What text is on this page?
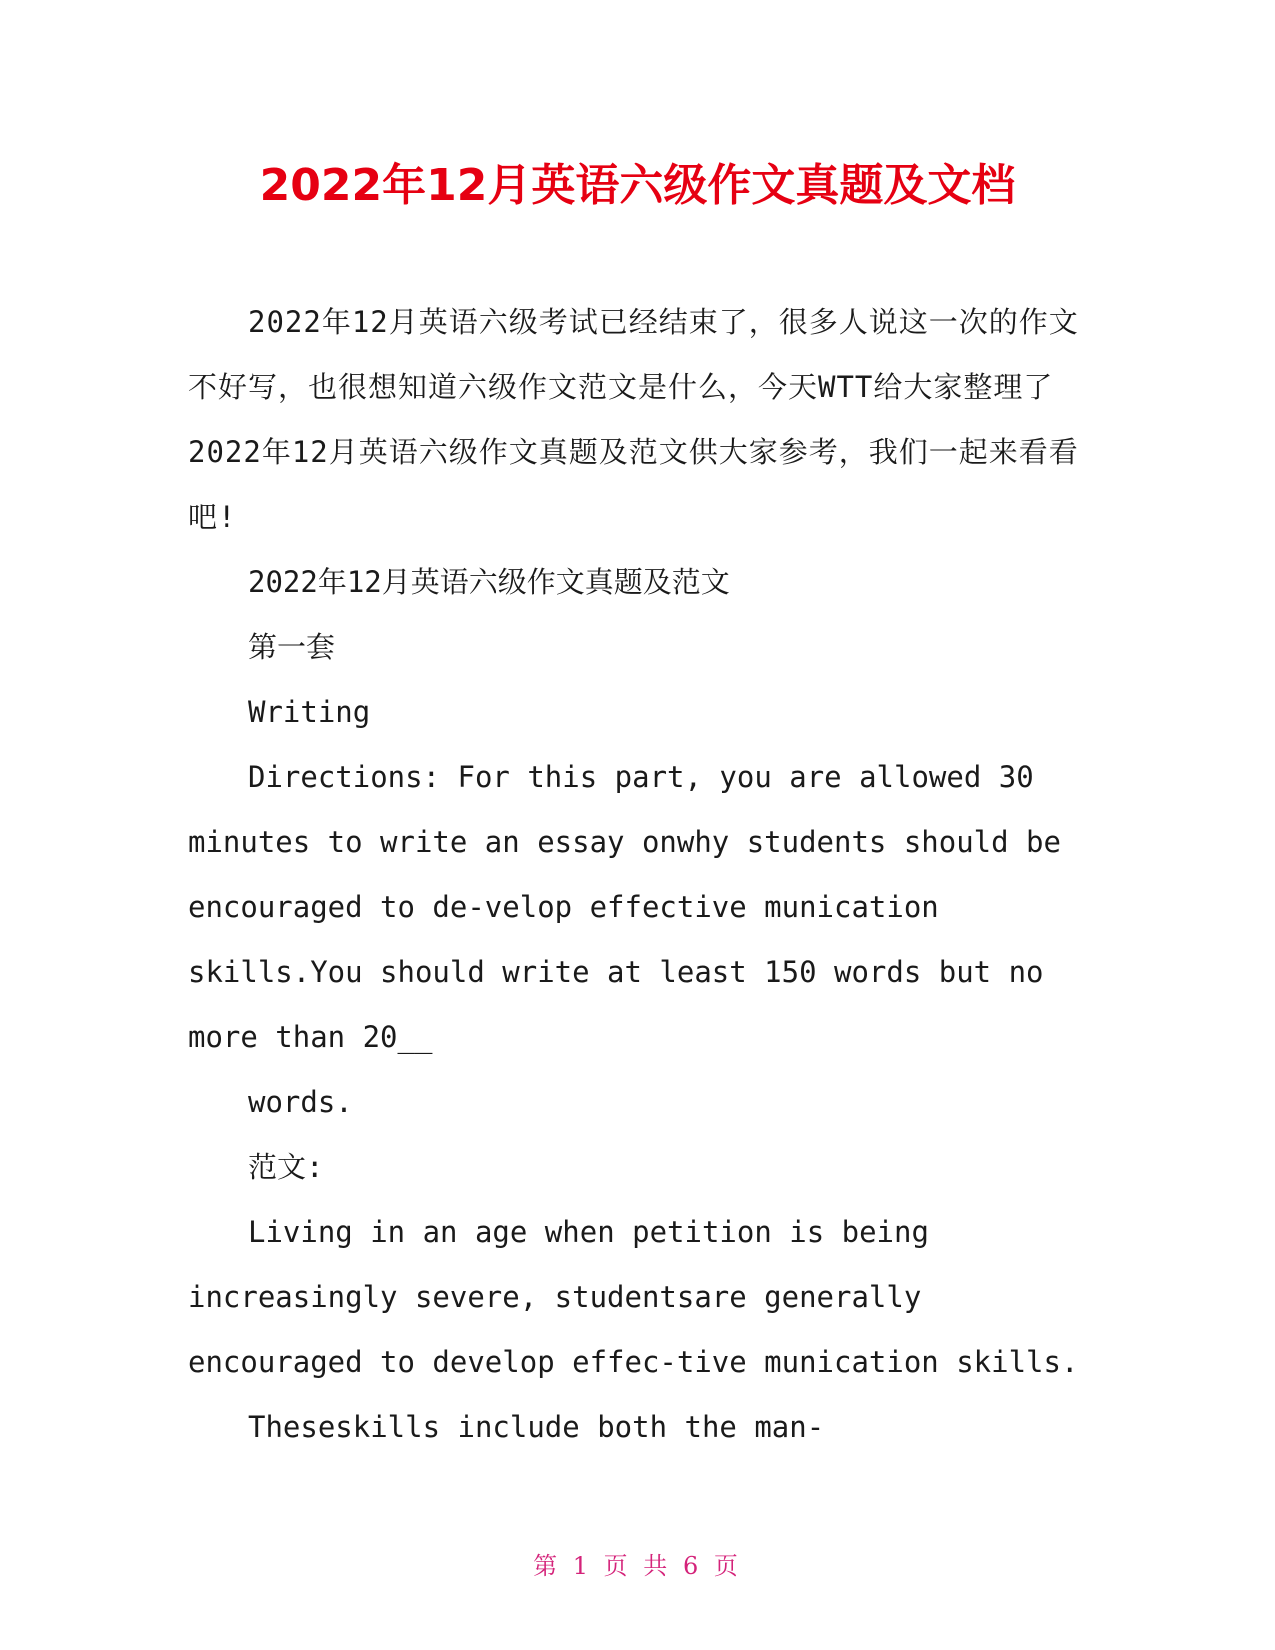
2022年12月英语六级作文真题及文档

2022年12月英语六级考试已经结束了，很多人说这一次的作文不好写，也很想知道六级作文范文是什么，今天WTT给大家整理了2022年12月英语六级作文真题及范文供大家参考，我们一起来看看吧!

2022年12月英语六级作文真题及范文

第一套

Writing

Directions: For this part, you are allowed 30 minutes to write an essay onwhy students should be encouraged to de-velop effective munication skills.You should write at least 150 words but no more than 20__

words.

范文:

Living in an age when petition is being increasingly severe, studentsare generally encouraged to develop effec-tive munication skills.

Theseskills include both the man-

第 1 页 共 6 页
